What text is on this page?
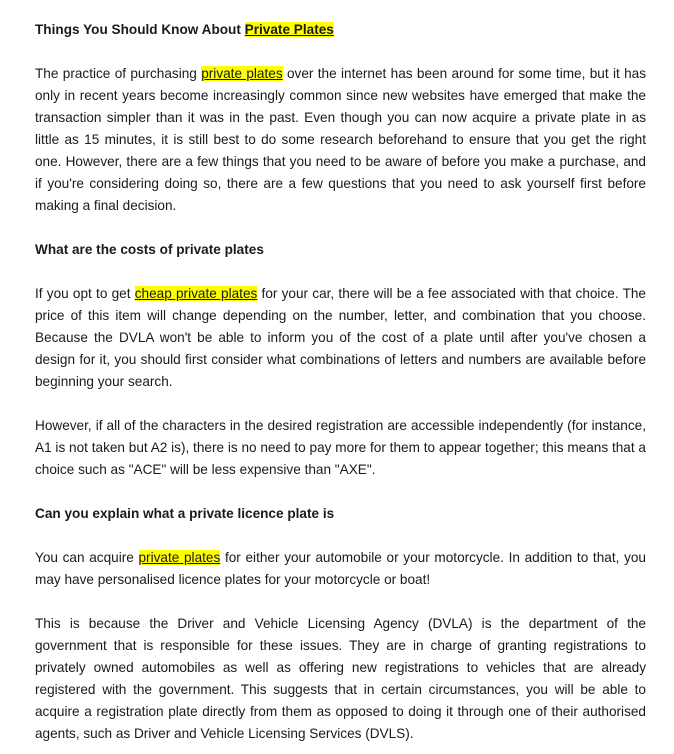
Things You Should Know About Private Plates

The practice of purchasing private plates over the internet has been around for some time, but it has only in recent years become increasingly common since new websites have emerged that make the transaction simpler than it was in the past. Even though you can now acquire a private plate in as little as 15 minutes, it is still best to do some research beforehand to ensure that you get the right one. However, there are a few things that you need to be aware of before you make a purchase, and if you're considering doing so, there are a few questions that you need to ask yourself first before making a final decision.

What are the costs of private plates

If you opt to get cheap private plates for your car, there will be a fee associated with that choice. The price of this item will change depending on the number, letter, and combination that you choose. Because the DVLA won't be able to inform you of the cost of a plate until after you've chosen a design for it, you should first consider what combinations of letters and numbers are available before beginning your search.

However, if all of the characters in the desired registration are accessible independently (for instance, A1 is not taken but A2 is), there is no need to pay more for them to appear together; this means that a choice such as "ACE" will be less expensive than "AXE".

Can you explain what a private licence plate is

You can acquire private plates for either your automobile or your motorcycle. In addition to that, you may have personalised licence plates for your motorcycle or boat!

This is because the Driver and Vehicle Licensing Agency (DVLA) is the department of the government that is responsible for these issues. They are in charge of granting registrations to privately owned automobiles as well as offering new registrations to vehicles that are already registered with the government. This suggests that in certain circumstances, you will be able to acquire a registration plate directly from them as opposed to doing it through one of their authorised agents, such as Driver and Vehicle Licensing Services (DVLS).
